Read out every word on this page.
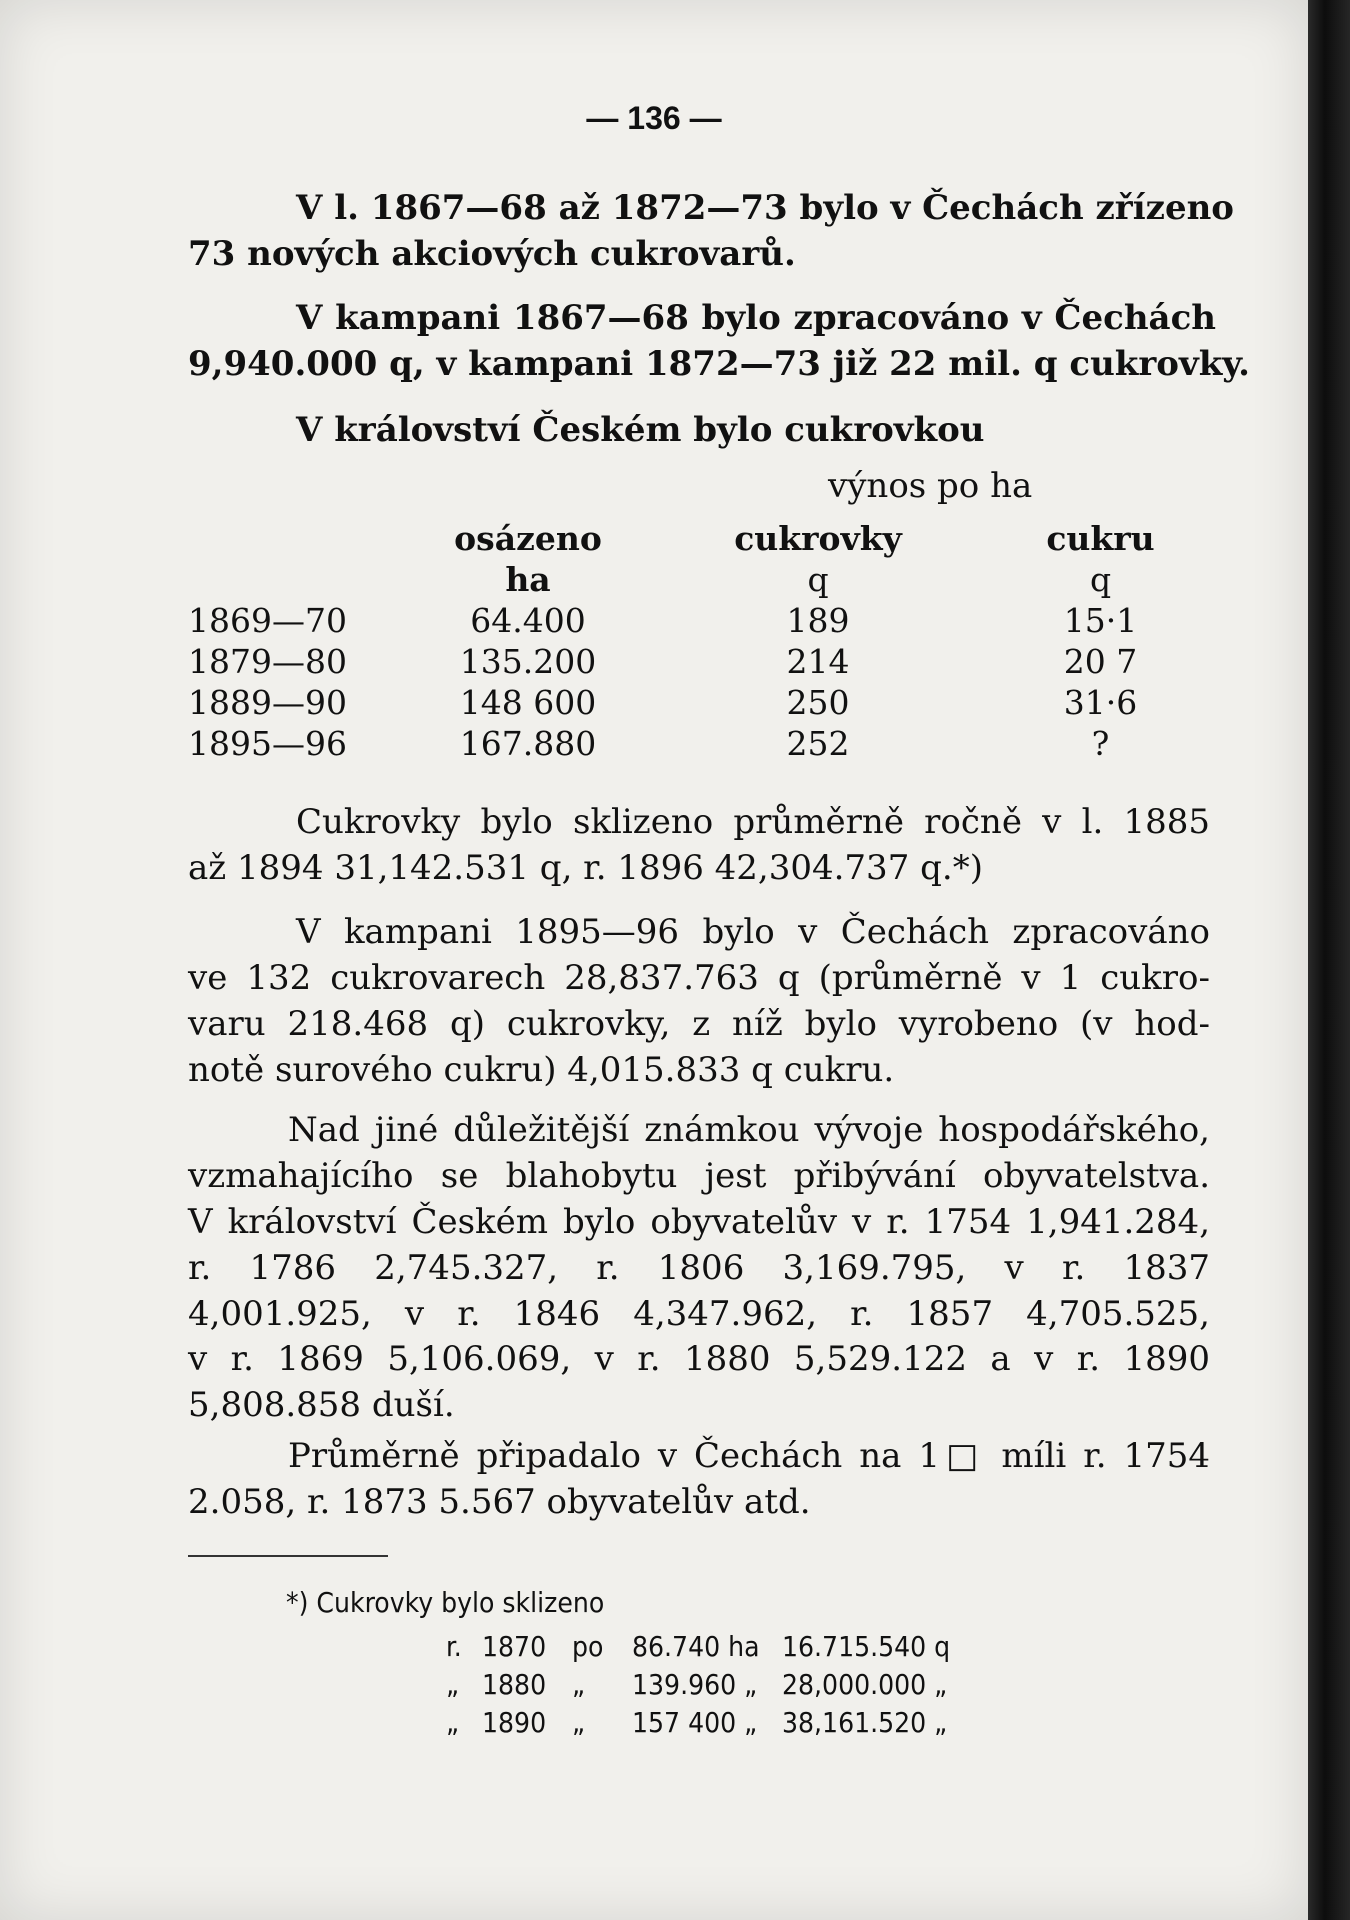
— 136 —
V l. 1867—68 až 1872—73 bylo v Čechách zřízeno
73 nových akciových cukrovarů.
V kampani 1867—68 bylo zpracováno v Čechách
9,940.000 q, v kampani 1872—73 již 22 mil. q cukrovky.
V království Českém bylo cukrovkou
výnos po ha
	osázeno	cukrovky	cukru
	ha	q	q
1869—70	64.400	189	15·1
1879—80	135.200	214	20 7
1889—90	148 600	250	31·6
1895—96	167.880	252	?
Cukrovky bylo sklizeno průměrně ročně v l. 1885
až 1894 31,142.531 q, r. 1896 42,304.737 q.*)
V kampani 1895—96 bylo v Čechách zpracováno
ve 132 cukrovarech 28,837.763 q (průměrně v 1 cukro-
varu 218.468 q) cukrovky, z níž bylo vyrobeno (v hod-
notě surového cukru) 4,015.833 q cukru.
Nad jiné důležitější známkou vývoje hospodářského,
vzmahajícího se blahobytu jest přibývání obyvatelstva.
V království Českém bylo obyvatelův v r. 1754 1,941.284,
r. 1786 2,745.327, r. 1806 3,169.795, v r. 1837
4,001.925, v r. 1846 4,347.962, r. 1857 4,705.525,
v r. 1869 5,106.069, v r. 1880 5,529.122 a v r. 1890
5,808.858 duší.
Průměrně připadalo v Čechách na 1□ míli r. 1754
2.058, r. 1873 5.567 obyvatelův atd.
*) Cukrovky bylo sklizeno
r. 1870 po 86.740 ha 16.715.540 q
„ 1880 „ 139.960 „ 28,000.000 „
„ 1890 „ 157 400 „ 38,161.520 „
